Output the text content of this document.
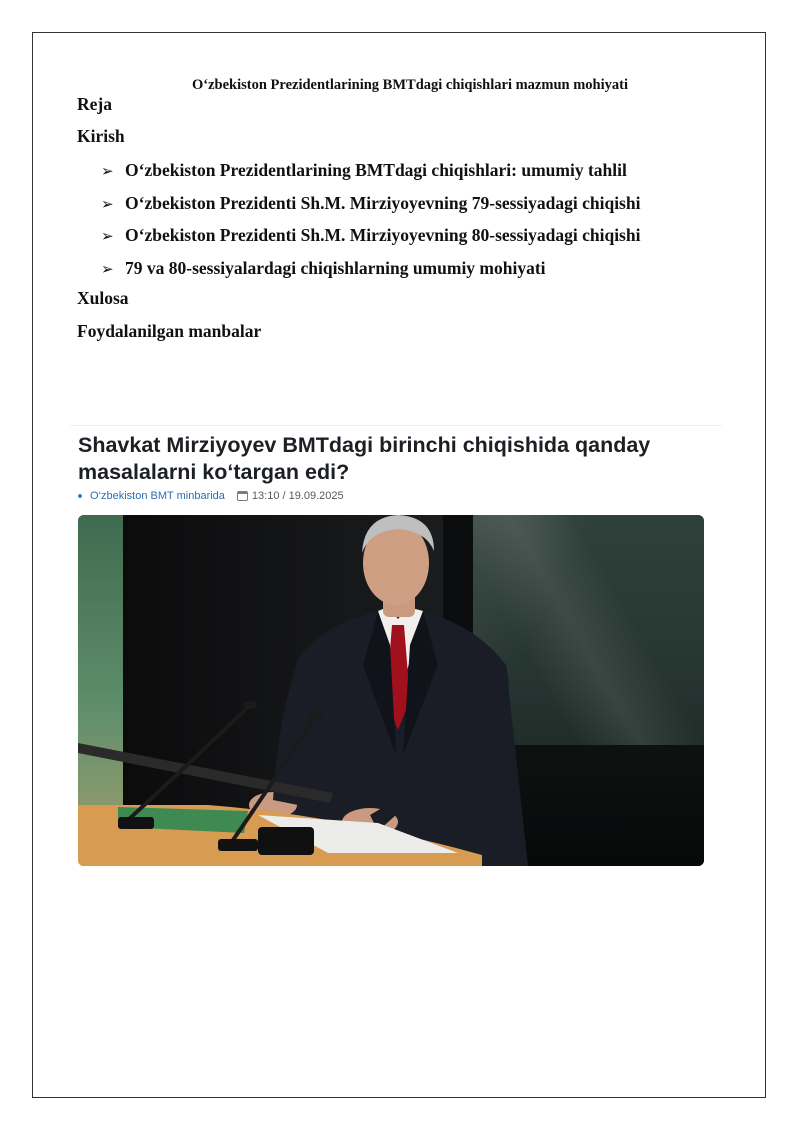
O‘zbekiston Prezidentlarining BMTdagi chiqishlari mazmun mohiyati
Reja
Kirish
➢ O‘zbekiston Prezidentlarining BMTdagi chiqishlari: umumiy tahlil
➢ O‘zbekiston Prezidenti Sh.M. Mirziyoyevning 79-sessiyadagi chiqishi
➢ O‘zbekiston Prezidenti Sh.M. Mirziyoyevning 80-sessiyadagi chiqishi
➢ 79 va 80-sessiyalardagi chiqishlarning umumiy mohiyati
Xulosa
Foydalanilgan manbalar
Shavkat Mirziyoyev BMTdagi birinchi chiqishida qanday masalalarni ko‘targan edi?
O‘zbekiston BMT minbarida 13:10 / 19.09.2025
